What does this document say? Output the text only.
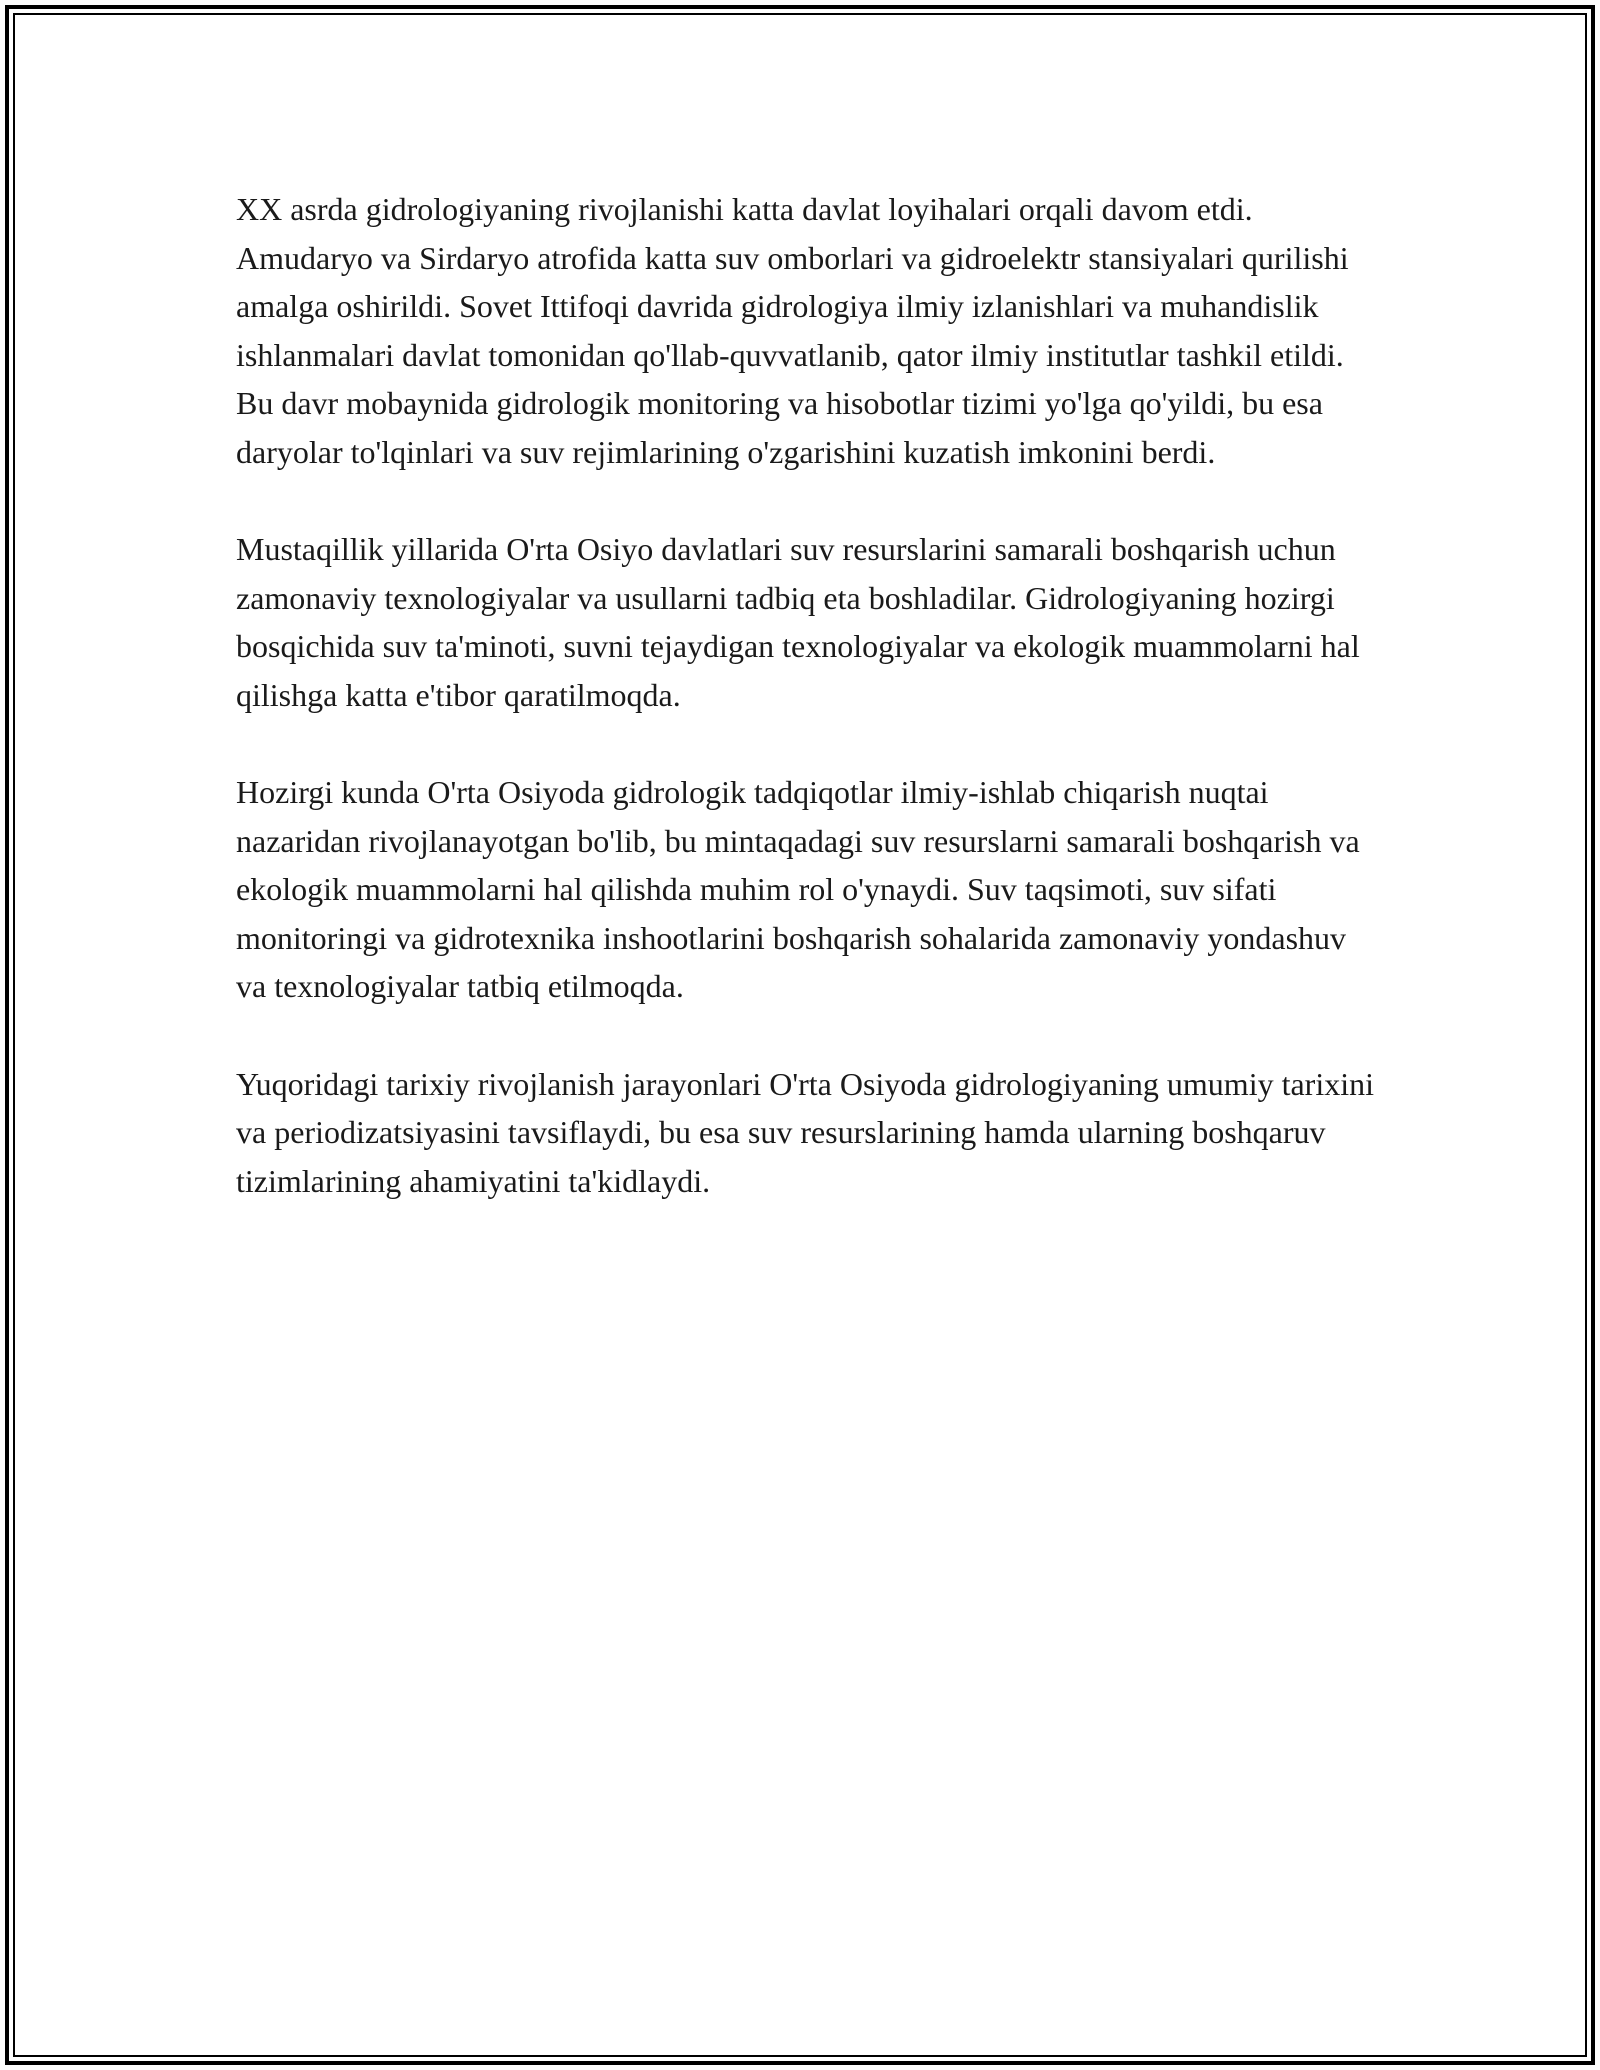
XX asrda gidrologiyaning rivojlanishi katta davlat loyihalari orqali davom etdi. Amudaryo va Sirdaryo atrofida katta suv omborlari va gidroelektr stansiyalari qurilishi amalga oshirildi. Sovet Ittifoqi davrida gidrologiya ilmiy izlanishlari va muhandislik ishlanmalari davlat tomonidan qo'llab-quvvatlanib, qator ilmiy institutlar tashkil etildi. Bu davr mobaynida gidrologik monitoring va hisobotlar tizimi yo'lga qo'yildi, bu esa daryolar to'lqinlari va suv rejimlarining o'zgarishini kuzatish imkonini berdi.

Mustaqillik yillarida O'rta Osiyo davlatlari suv resurslarini samarali boshqarish uchun zamonaviy texnologiyalar va usullarni tadbiq eta boshladilar. Gidrologiyaning hozirgi bosqichida suv ta'minoti, suvni tejaydigan texnologiyalar va ekologik muammolarni hal qilishga katta e'tibor qaratilmoqda.

Hozirgi kunda O'rta Osiyoda gidrologik tadqiqotlar ilmiy-ishlab chiqarish nuqtai nazaridan rivojlanayotgan bo'lib, bu mintaqadagi suv resurslarni samarali boshqarish va ekologik muammolarni hal qilishda muhim rol o'ynaydi. Suv taqsimoti, suv sifati monitoringi va gidrotexnika inshootlarini boshqarish sohalarida zamonaviy yondashuv va texnologiyalar tatbiq etilmoqda.

Yuqoridagi tarixiy rivojlanish jarayonlari O'rta Osiyoda gidrologiyaning umumiy tarixini va periodizatsiyasini tavsiflaydi, bu esa suv resurslarining hamda ularning boshqaruv tizimlarining ahamiyatini ta'kidlaydi.
